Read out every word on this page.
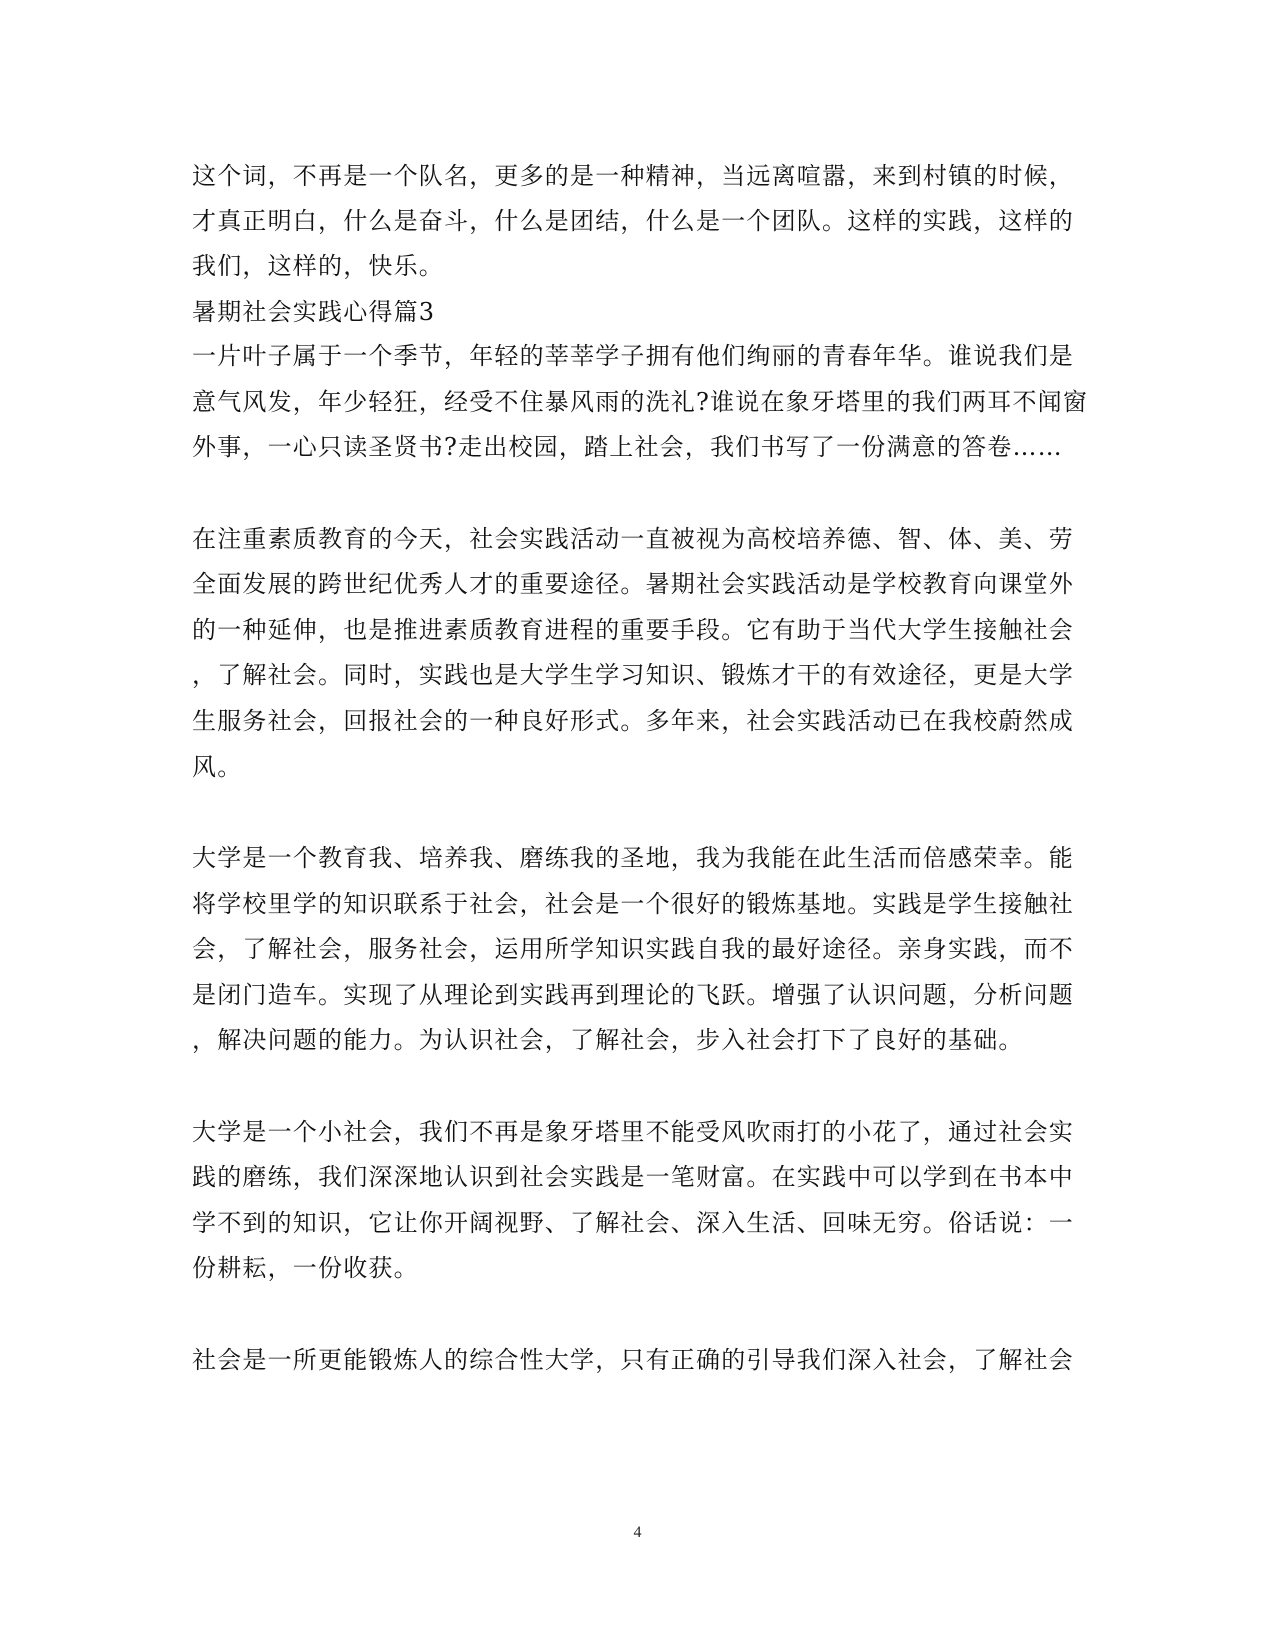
这个词，不再是一个队名，更多的是一种精神，当远离喧嚣，来到村镇的时候，

才真正明白，什么是奋斗，什么是团结，什么是一个团队。这样的实践，这样的

我们，这样的，快乐。

暑期社会实践心得篇3

一片叶子属于一个季节，年轻的莘莘学子拥有他们绚丽的青春年华。谁说我们是

意气风发，年少轻狂，经受不住暴风雨的洗礼?谁说在象牙塔里的我们两耳不闻窗

外事，一心只读圣贤书?走出校园，踏上社会，我们书写了一份满意的答卷……

在注重素质教育的今天，社会实践活动一直被视为高校培养德、智、体、美、劳

全面发展的跨世纪优秀人才的重要途径。暑期社会实践活动是学校教育向课堂外

的一种延伸，也是推进素质教育进程的重要手段。它有助于当代大学生接触社会

，了解社会。同时，实践也是大学生学习知识、锻炼才干的有效途径，更是大学

生服务社会，回报社会的一种良好形式。多年来，社会实践活动已在我校蔚然成

风。

大学是一个教育我、培养我、磨练我的圣地，我为我能在此生活而倍感荣幸。能

将学校里学的知识联系于社会，社会是一个很好的锻炼基地。实践是学生接触社

会，了解社会，服务社会，运用所学知识实践自我的最好途径。亲身实践，而不

是闭门造车。实现了从理论到实践再到理论的飞跃。增强了认识问题，分析问题

，解决问题的能力。为认识社会，了解社会，步入社会打下了良好的基础。

大学是一个小社会，我们不再是象牙塔里不能受风吹雨打的小花了，通过社会实

践的磨练，我们深深地认识到社会实践是一笔财富。在实践中可以学到在书本中

学不到的知识，它让你开阔视野、了解社会、深入生活、回味无穷。俗话说：一

份耕耘，一份收获。

社会是一所更能锻炼人的综合性大学，只有正确的引导我们深入社会，了解社会

4
